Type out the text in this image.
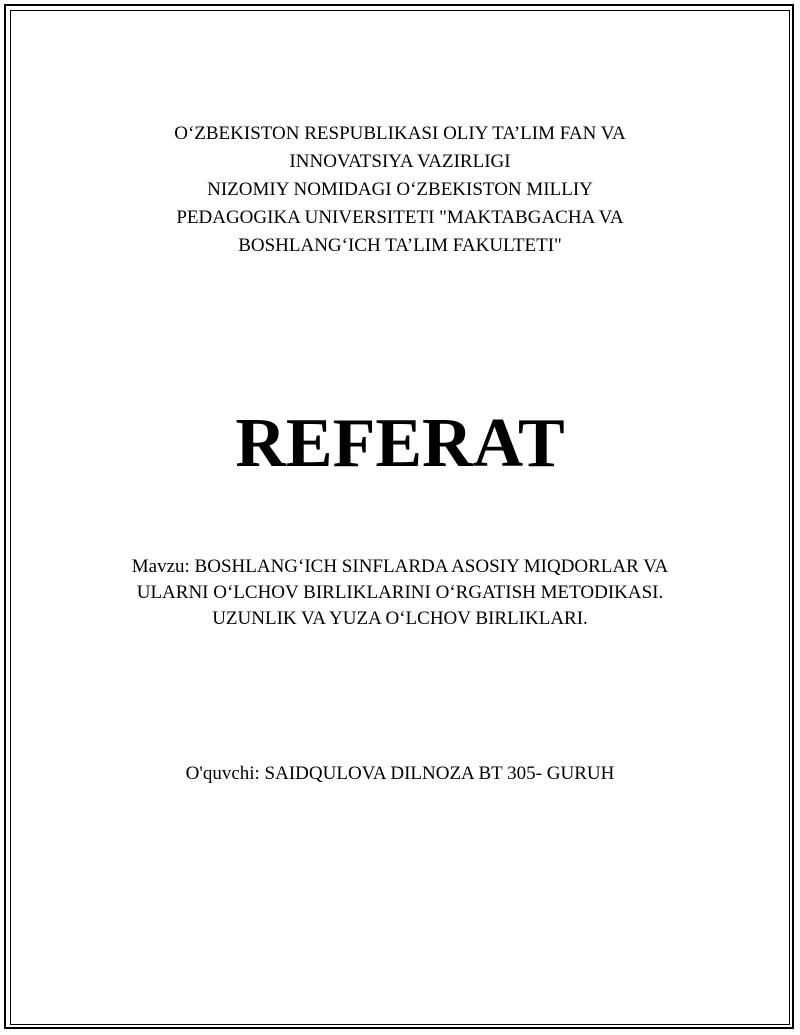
O‘ZBEKISTON RESPUBLIKASI OLIY TA’LIM FAN VA
INNOVATSIYA VAZIRLIGI
NIZOMIY NOMIDAGI O‘ZBEKISTON MILLIY
PEDAGOGIKA UNIVERSITETI "MAKTABGACHA VA
BOSHLANG‘ICH TA’LIM FAKULTETI"
REFERAT
Mavzu: BOSHLANG‘ICH SINFLARDA ASOSIY MIQDORLAR VA
ULARNI O‘LCHOV BIRLIKLARINI O‘RGATISH METODIKASI.
UZUNLIK VA YUZA O‘LCHOV BIRLIKLARI.
O'quvchi: SAIDQULOVA DILNOZA BT 305- GURUH
